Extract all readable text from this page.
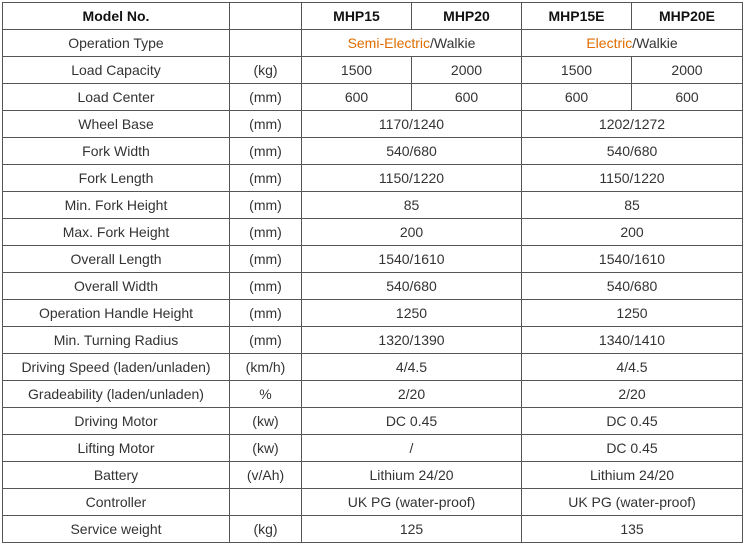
Model No.		MHP15	MHP20	MHP15E	MHP20E
Operation Type		Semi-Electric/Walkie		Electric/Walkie	
Load Capacity	(kg)	1500	2000	1500	2000
Load Center	(mm)	600	600	600	600
Wheel Base	(mm)	1170/1240		1202/1272	
Fork Width	(mm)	540/680		540/680	
Fork Length	(mm)	1150/1220		1150/1220	
Min. Fork Height	(mm)	85		85	
Max. Fork Height	(mm)	200		200	
Overall Length	(mm)	1540/1610		1540/1610	
Overall Width	(mm)	540/680		540/680	
Operation Handle Height	(mm)	1250		1250	
Min. Turning Radius	(mm)	1320/1390		1340/1410	
Driving Speed (laden/unladen)	(km/h)	4/4.5		4/4.5	
Gradeability (laden/unladen)	%	2/20		2/20	
Driving Motor	(kw)	DC 0.45		DC 0.45	
Lifting Motor	(kw)	/		DC 0.45	
Battery	(v/Ah)	Lithium 24/20		Lithium 24/20	
Controller		UK PG (water-proof)		UK PG (water-proof)	
Service weight	(kg)	125		135	
